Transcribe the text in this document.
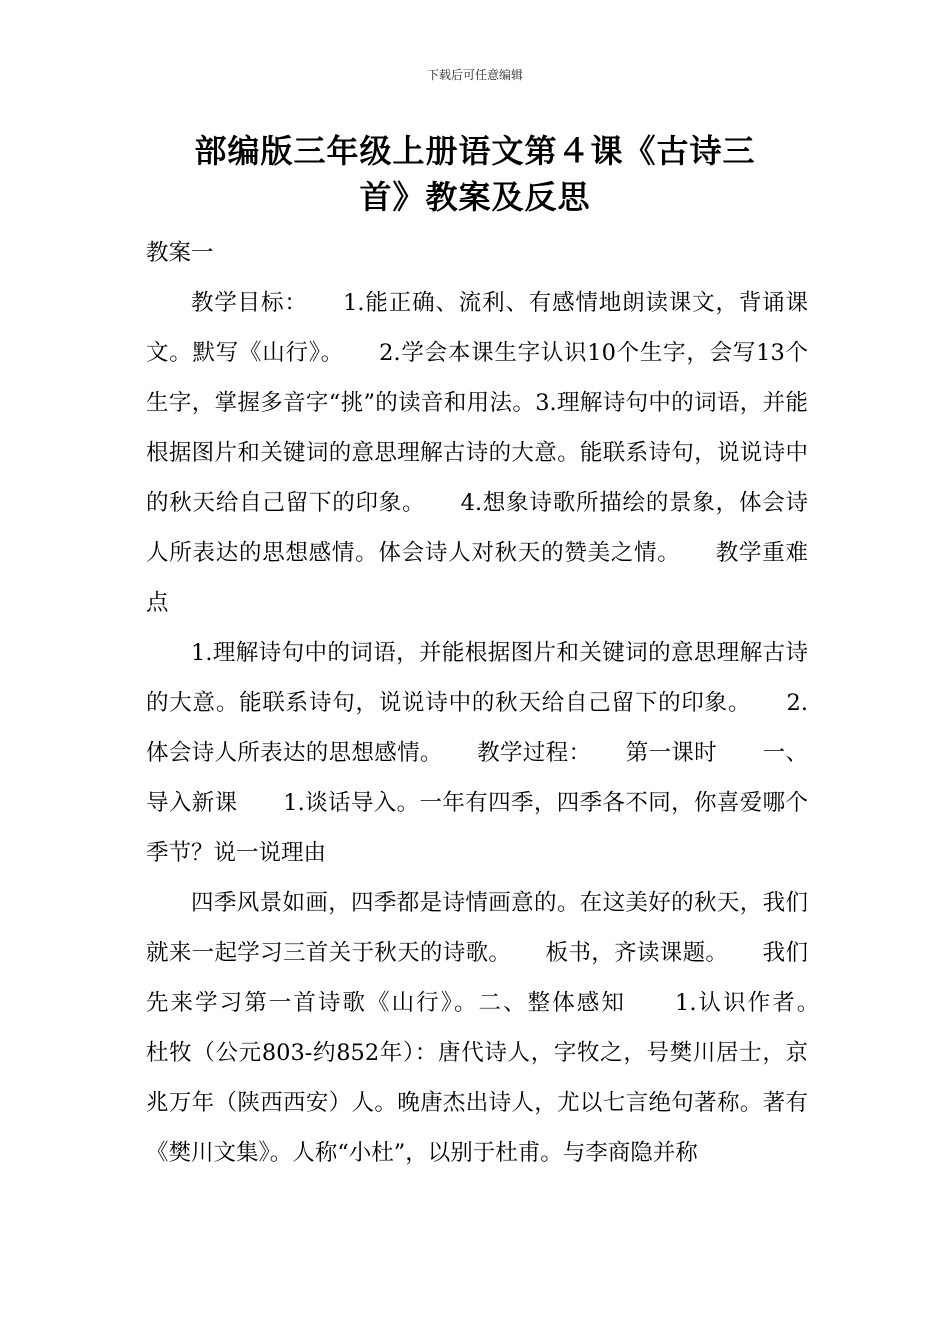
下载后可任意编辑
部编版三年级上册语文第４课《古诗三
首》教案及反思

教案一

教学目标：　　1.能正确、流利、有感情地朗读课文，背诵课文。默写《山行》。　　2.学会本课生字认识10个生字，会写13个生字，掌握多音字“挑”的读音和用法。3.理解诗句中的词语，并能根据图片和关键词的意思理解古诗的大意。能联系诗句，说说诗中的秋天给自己留下的印象。　　4.想象诗歌所描绘的景象，体会诗人所表达的思想感情。体会诗人对秋天的赞美之情。　　教学重难点

1.理解诗句中的词语，并能根据图片和关键词的意思理解古诗的大意。能联系诗句，说说诗中的秋天给自己留下的印象。　　2.体会诗人所表达的思想感情。　　教学过程：　　第一课时　　一、导入新课　　1.谈话导入。一年有四季，四季各不同，你喜爱哪个季节？说一说理由

四季风景如画，四季都是诗情画意的。在这美好的秋天，我们就来一起学习三首关于秋天的诗歌。　　板书，齐读课题。　　我们先来学习第一首诗歌《山行》。二、整体感知　　1.认识作者。　　杜牧（公元803-约852年）：唐代诗人，字牧之，号樊川居士，京兆万年（陕西西安）人。晚唐杰出诗人，尤以七言绝句著称。著有《樊川文集》。人称“小杜”，以别于杜甫。与李商隐并称
